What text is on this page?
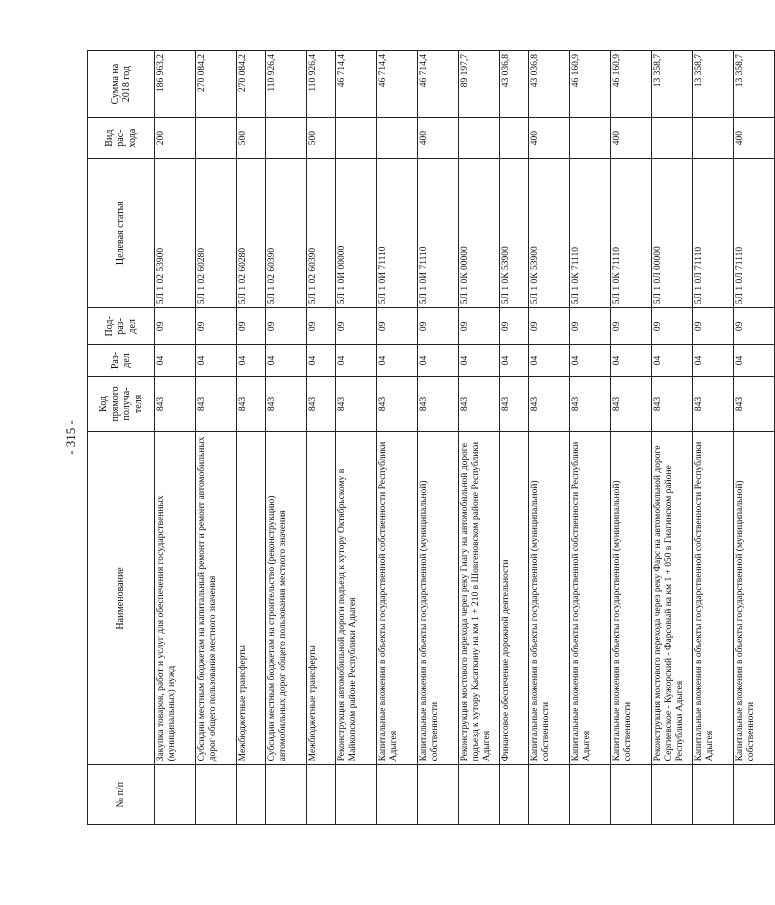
- 315 -
№ п/п	Наименование	Код прямого получа-теля	Раз-дел	Под-раз-дел	Целевая статья	Вид рас-хода	Сумма на 2018 год
	Закупка товаров, работ и услуг для обеспечения государственных (муниципальных) нужд	843	04	09	5Л 1 02 53900	200	186 963,2
	Субсидии местным бюджетам на капитальный ремонт и ремонт автомобильных дорог общего пользования местного значения	843	04	09	5Л 1 02 60280		270 084,2
	Межбюджетные трансферты	843	04	09	5Л 1 02 60280	500	270 084,2
	Субсидии местным бюджетам на строительство (реконструкцию) автомобильных дорог общего пользования местного значения	843	04	09	5Л 1 02 60390		110 926,4
	Межбюджетные трансферты	843	04	09	5Л 1 02 60390	500	110 926,4
	Реконструкция автомобильной дороги подъезд к хутору Октябрьскому в Майкопском районе Республики Адыгея	843	04	09	5Л 1 0И 00000		46 714,4
	Капитальные вложения в объекты государственной собственности Республики Адыгея	843	04	09	5Л 1 0И 71110		46 714,4
	Капитальные вложения в объекты государственной (муниципальной) собственности	843	04	09	5Л 1 0И 71110	400	46 714,4
	Реконструкция мостового перехода через реку Гиагу на автомобильной дороге подъезд к хутору Касаткину на км 1 + 210 в Шовгеновском районе Республики Адыгея	843	04	09	5Л 1 0К 00000		89 197,7
	Финансовое обеспечение дорожной деятельности	843	04	09	5Л 1 0К 53900		43 036,8
	Капитальные вложения в объекты государственной (муниципальной) собственности	843	04	09	5Л 1 0К 53900	400	43 036,8
	Капитальные вложения в объекты государственной собственности Республики Адыгея	843	04	09	5Л 1 0К 71110		46 160,9
	Капитальные вложения в объекты государственной (муниципальной) собственности	843	04	09	5Л 1 0К 71110	400	46 160,9
	Реконструкция мостового перехода через реку Фарс на автомобильной дороге Сергиевское - Кужорский - Фарсовый на км 1 + 050 в Гиагинском районе Республики Адыгея	843	04	09	5Л 1 0Л 00000		13 358,7
	Капитальные вложения в объекты государственной собственности Республики Адыгея	843	04	09	5Л 1 0Л 71110		13 358,7
	Капитальные вложения в объекты государственной (муниципальной) собственности	843	04	09	5Л 1 0Л 71110	400	13 358,7
